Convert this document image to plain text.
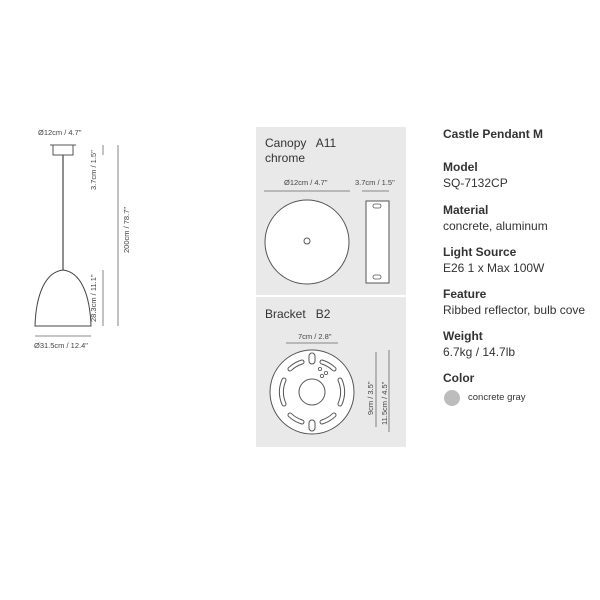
Ø12cm / 4.7"
3.7cm / 1.5"
200cm / 78.7"
28.3cm / 11.1"
Ø31.5cm / 12.4"
Canopy A11
chrome
Ø12cm / 4.7"	3.7cm / 1.5"
Bracket B2
7cm / 2.8"
9cm / 3.5" 11.5cm / 4.5"
Castle Pendant M
Model
SQ-7132CP
Material
concrete, aluminum
Light Source
E26 1 x Max 100W
Feature
Ribbed reflector, bulb cove
Weight
6.7kg / 14.7lb
Color
concrete gray
